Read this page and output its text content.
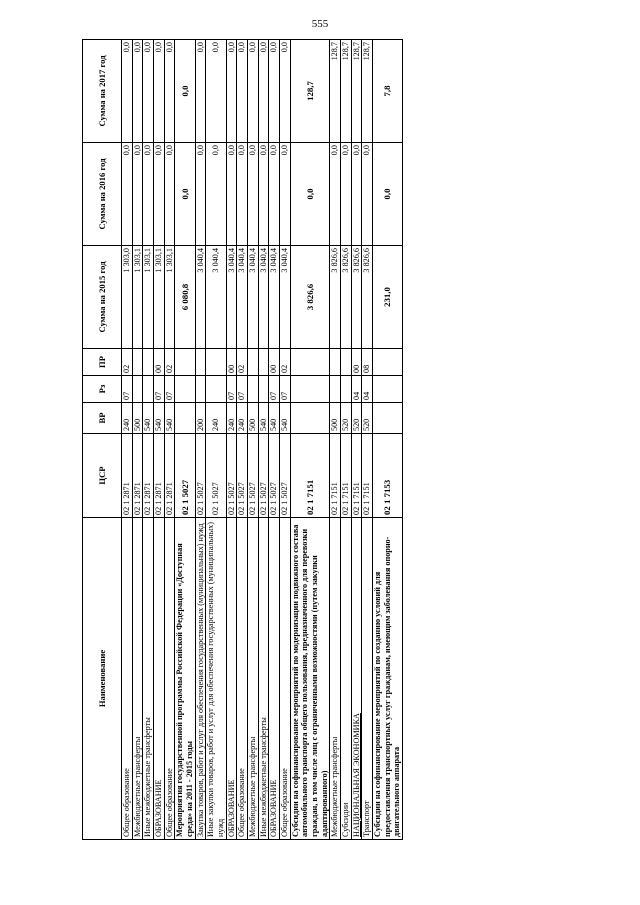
555
Наименование	ЦСР	ВР	Рз	ПР	Сумма на 2015 год	Сумма на 2016 год	Сумма на 2017 год
Общее образование	02 1 2871	240	07	02	1 303,0	0,0	0,0
Межбюджетные трансферты	02 1 2871	500			1 303,1	0,0	0,0
Иные межбюджетные трансферты	02 1 2871	540			1 303,1	0,0	0,0
ОБРАЗОВАНИЕ	02 1 2871	540	07	00	1 303,1	0,0	0,0
Общее образование	02 1 2871	540	07	02	1 303,1	0,0	0,0
Мероприятия государственной программы Российской Федерации «Доступная среда» на 2011 - 2015 годы	02 1 5027				6 080,8	0,0	0,0
Закупка товаров, работ и услуг для обеспечения государственных (муниципальных) нужд	02 1 5027	200			3 040,4	0,0	0,0
Иные закупки товаров, работ и услуг для обеспечения государственных (муниципальных) нужд	02 1 5027	240			3 040,4	0,0	0,0
ОБРАЗОВАНИЕ	02 1 5027	240	07	00	3 040,4	0,0	0,0
Общее образование	02 1 5027	240	07	02	3 040,4	0,0	0,0
Межбюджетные трансферты	02 1 5027	500			3 040,4	0,0	0,0
Иные межбюджетные трансферты	02 1 5027	540			3 040,4	0,0	0,0
ОБРАЗОВАНИЕ	02 1 5027	540	07	00	3 040,4	0,0	0,0
Общее образование	02 1 5027	540	07	02	3 040,4	0,0	0,0
Субсидии на софинансирование мероприятий по модернизации подвижного состава автомобильного транспорта общего пользования, предназначенного для перевозки граждан, в том числе лиц с ограниченными возможностями (путем закупки адаптированного)	02 1 7151				3 826,6	0,0	128,7
Межбюджетные трансферты	02 1 7151	500			3 826,6	0,0	128,7
Субсидии	02 1 7151	520			3 826,6	0,0	128,7
НАЦИОНАЛЬНАЯ ЭКОНОМИКА	02 1 7151	520	04	00	3 826,6	0,0	128,7
Транспорт	02 1 7151	520	04	08	3 826,6	0,0	128,7
Субсидии на софинансирование мероприятий по созданию условий для предоставления транспортных услуг гражданам, имеющим заболевания опорно-двигательного аппарата	02 1 7153				231,0	0,0	7,8
